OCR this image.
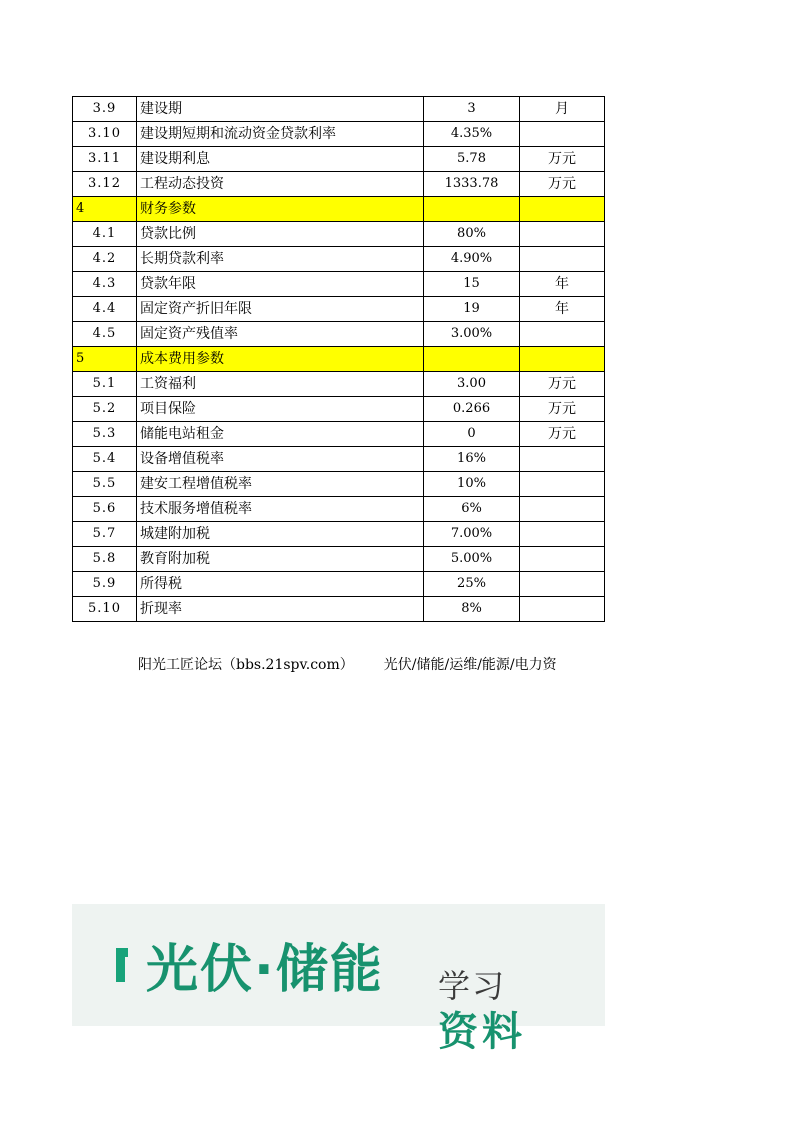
3.9	建设期	3	月
3.10	建设期短期和流动资金贷款利率	4.35%	
3.11	建设期利息	5.78	万元
3.12	工程动态投资	1333.78	万元
4	财务参数		
4.1	贷款比例	80%	
4.2	长期贷款利率	4.90%	
4.3	贷款年限	15	年
4.4	固定资产折旧年限	19	年
4.5	固定资产残值率	3.00%	
5	成本费用参数		
5.1	工资福利	3.00	万元
5.2	项目保险	0.266	万元
5.3	储能电站租金	0	万元
5.4	设备增值税率	16%	
5.5	建安工程增值税率	10%	
5.6	技术服务增值税率	6%	
5.7	城建附加税	7.00%	
5.8	教育附加税	5.00%	
5.9	所得税	25%	
5.10	折现率	8%	
阳光工匠论坛（bbs.21spv.com） 光伏/储能/运维/能源/电力资
光伏·储能 学习
资料
